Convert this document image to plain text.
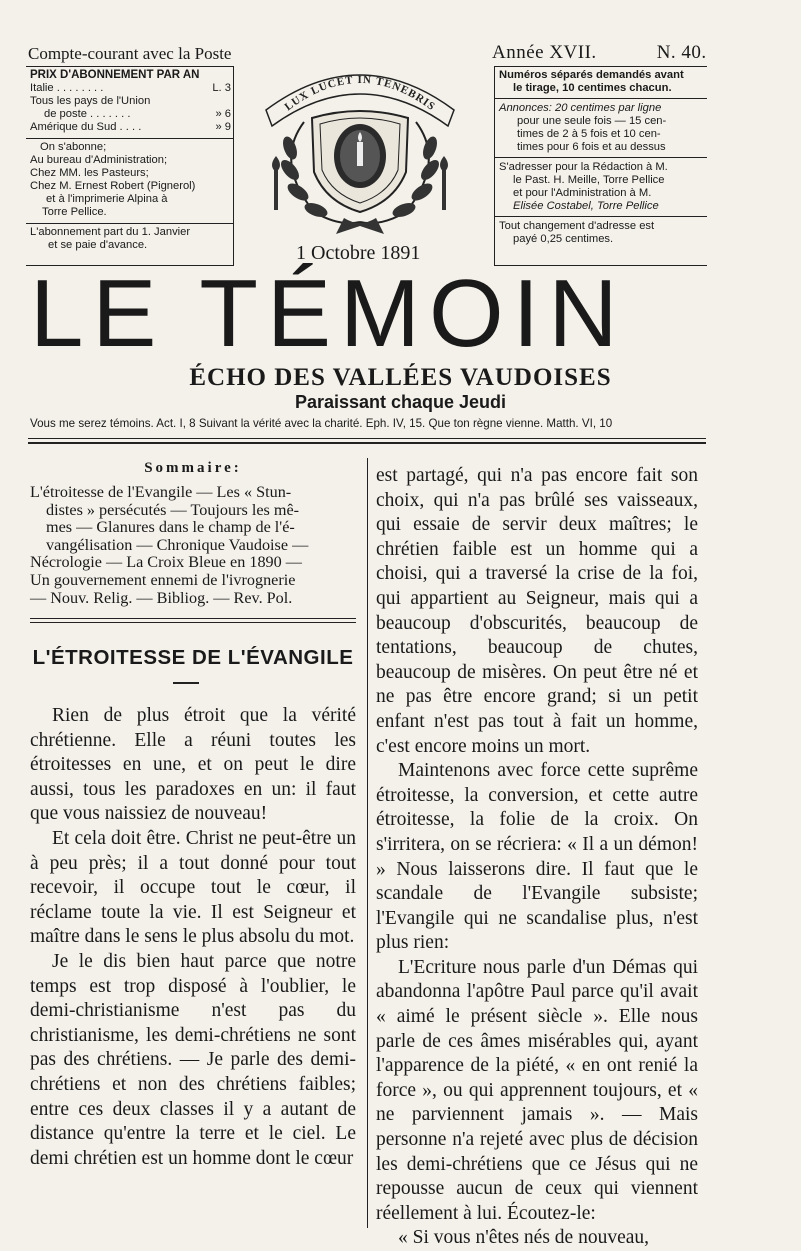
Compte-courant avec la Poste	Année XVII.	N. 40.
PRIX D'ABONNEMENT PAR AN
Italie . . . . . . . .	L. 3
Tous les pays de l'Union
de poste . . . . . . .	» 6
Amérique du Sud . . . .	» 9
On s'abonne;
Au bureau d'Administration;
Chez MM. les Pasteurs;
Chez M. Ernest Robert (Pignerol)
et à l'imprimerie Alpina à
Torre Pellice.
L'abonnement part du 1. Janvier
et se paie d'avance.
LUX LUCET IN TENEBRIS
1 Octobre 1891

Numéros séparés demandés avant

le tirage, 10 centimes chacun.

Annonces: 20 centimes par ligne

pour une seule fois — 15 cen-

times de 2 à 5 fois et 10 cen-

times pour 6 fois et au dessus

S'adresser pour la Rédaction à M.

le Past. H. Meille, Torre Pellice

et pour l'Administration à M.

Elisée Costabel, Torre Pellice

Tout changement d'adresse est

payé 0,25 centimes.

LE TÉMOIN
ÉCHO DES VALLÉES VAUDOISES
Paraissant chaque Jeudi
Vous me serez témoins. Act. I, 8 Suivant la vérité avec la charité. Eph. IV, 15. Que ton règne vienne. Matth. VI, 10
Sommaire:

L'étroitesse de l'Evangile — Les « Stun-

distes » persécutés — Toujours les mê-

mes — Glanures dans le champ de l'é-

vangélisation — Chronique Vaudoise —

Nécrologie — La Croix Bleue en 1890 —

Un gouvernement ennemi de l'ivrognerie

— Nouv. Relig. — Bibliog. — Rev. Pol.

L'ÉTROITESSE DE L'ÉVANGILE

Rien de plus étroit que la vérité chrétienne. Elle a réuni toutes les étroitesses en une, et on peut le dire aussi, tous les paradoxes en un: il faut que vous naissiez de nouveau!

Et cela doit être. Christ ne peut-être un à peu près; il a tout donné pour tout recevoir, il occupe tout le cœur, il réclame toute la vie. Il est Seigneur et maître dans le sens le plus absolu du mot.

Je le dis bien haut parce que notre temps est trop disposé à l'oublier, le demi-christianisme n'est pas du christianisme, les demi-chrétiens ne sont pas des chrétiens. — Je parle des demi-chrétiens et non des chrétiens faibles; entre ces deux classes il y a autant de distance qu'entre la terre et le ciel. Le demi chrétien est un homme dont le cœur

est partagé, qui n'a pas encore fait son choix, qui n'a pas brûlé ses vaisseaux, qui essaie de servir deux maîtres; le chrétien faible est un homme qui a choisi, qui a traversé la crise de la foi, qui appartient au Seigneur, mais qui a beaucoup d'obscurités, beaucoup de tentations, beaucoup de chutes, beaucoup de misères. On peut être né et ne pas être encore grand; si un petit enfant n'est pas tout à fait un homme, c'est encore moins un mort.

Maintenons avec force cette suprême étroitesse, la conversion, et cette autre étroitesse, la folie de la croix. On s'irritera, on se récriera: « Il a un démon! » Nous laisserons dire. Il faut que le scandale de l'Evangile subsiste; l'Evangile qui ne scandalise plus, n'est plus rien:

L'Ecriture nous parle d'un Démas qui abandonna l'apôtre Paul parce qu'il avait « aimé le présent siècle ». Elle nous parle de ces âmes misérables qui, ayant l'apparence de la piété, « en ont renié la force », ou qui apprennent toujours, et « ne parviennent jamais ». — Mais personne n'a rejeté avec plus de décision les demi-chrétiens que ce Jésus qui ne repousse aucun de ceux qui viennent réellement à lui. Écoutez-le:

« Si vous n'êtes nés de nouveau,
